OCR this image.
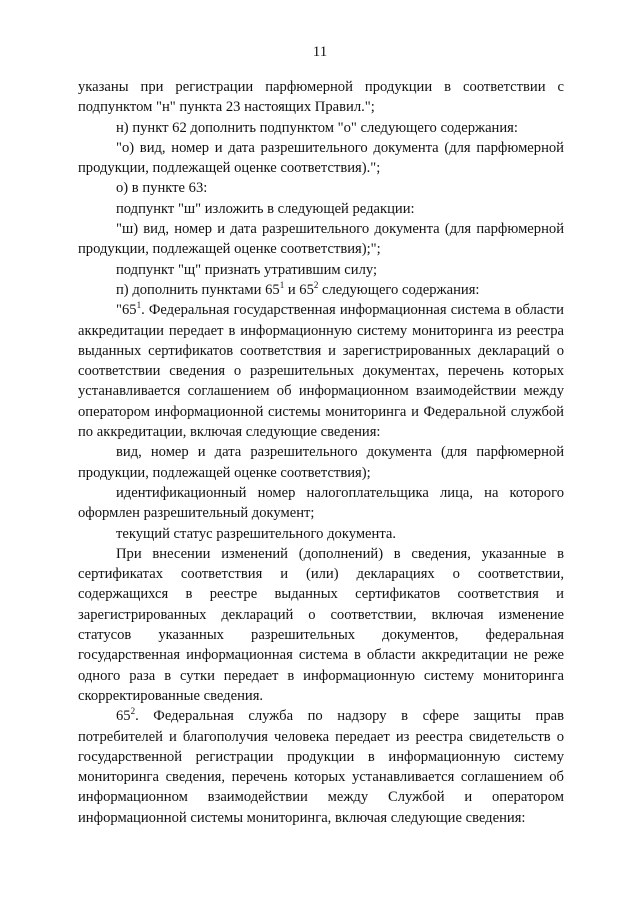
11

указаны при регистрации парфюмерной продукции в соответствии с подпунктом "н" пункта 23 настоящих Правил.";

н) пункт 62 дополнить подпунктом "о" следующего содержания:

"о) вид, номер и дата разрешительного документа (для парфюмерной продукции, подлежащей оценке соответствия).";

о) в пункте 63:

подпункт "ш" изложить в следующей редакции:

"ш) вид, номер и дата разрешительного документа (для парфюмерной продукции, подлежащей оценке соответствия);";

подпункт "щ" признать утратившим силу;

п) дополнить пунктами $65^1$ и $65^2$ следующего содержания:

"$65^1$. Федеральная государственная информационная система в области аккредитации передает в информационную систему мониторинга из реестра выданных сертификатов соответствия и зарегистрированных деклараций о соответствии сведения о разрешительных документах, перечень которых устанавливается соглашением об информационном взаимодействии между оператором информационной системы мониторинга и Федеральной службой по аккредитации, включая следующие сведения:

вид, номер и дата разрешительного документа (для парфюмерной продукции, подлежащей оценке соответствия);

идентификационный номер налогоплательщика лица, на которого оформлен разрешительный документ;

текущий статус разрешительного документа.

При внесении изменений (дополнений) в сведения, указанные в сертификатах соответствия и (или) декларациях о соответствии, содержащихся в реестре выданных сертификатов соответствия и зарегистрированных деклараций о соответствии, включая изменение статусов указанных разрешительных документов, федеральная государственная информационная система в области аккредитации не реже одного раза в сутки передает в информационную систему мониторинга скорректированные сведения.

$65^2$. Федеральная служба по надзору в сфере защиты прав потребителей и благополучия человека передает из реестра свидетельств о государственной регистрации продукции в информационную систему мониторинга сведения, перечень которых устанавливается соглашением об информационном взаимодействии между Службой и оператором информационной системы мониторинга, включая следующие сведения:
